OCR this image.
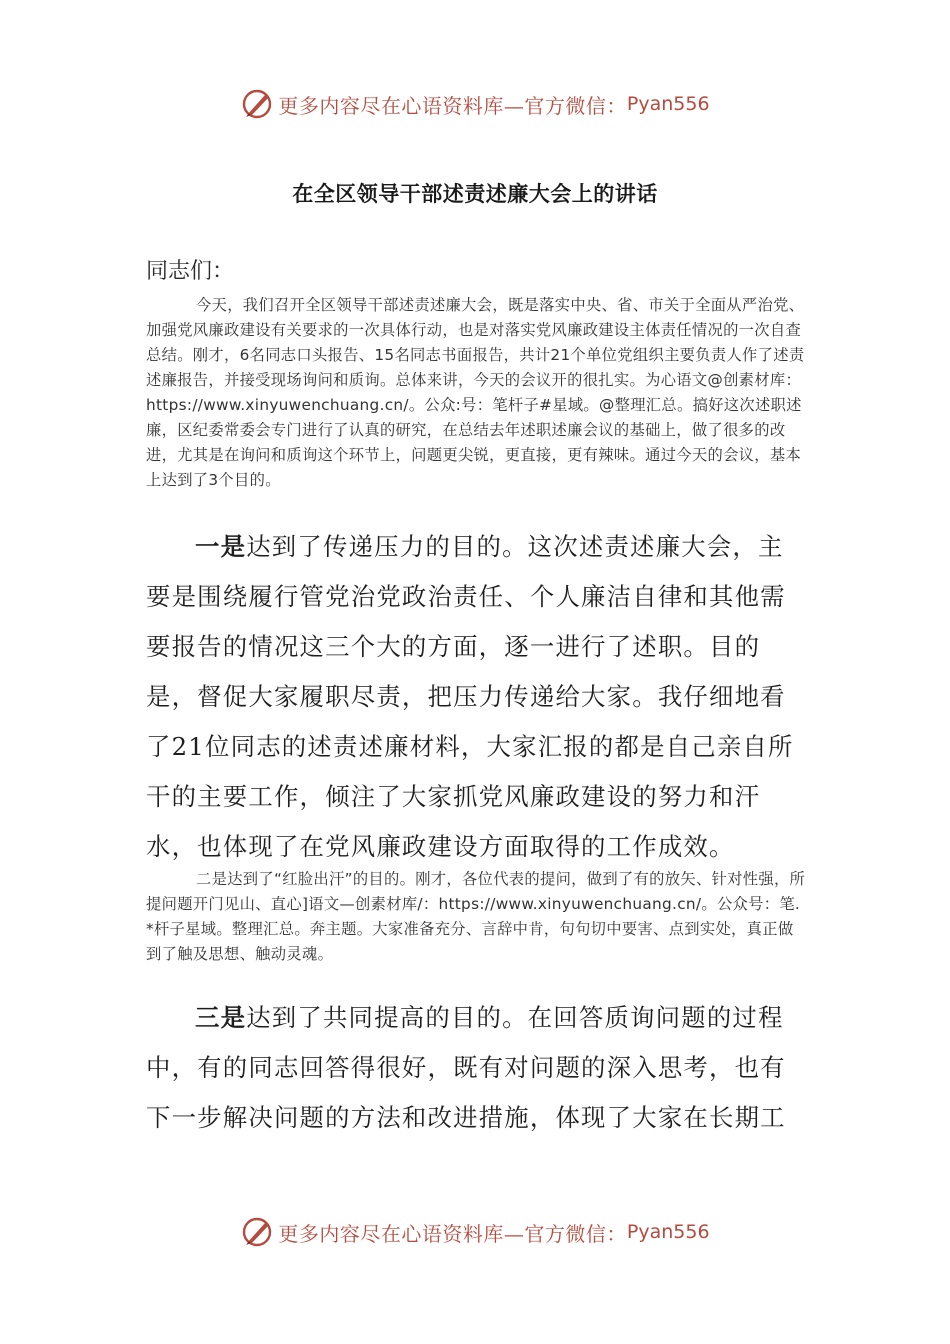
更多内容尽在心语资料库—官方微信： Pyan556
在全区领导干部述责述廉大会上的讲话
同志们：
今天，我们召开全区领导干部述责述廉大会，既是落实中央、省、市关于全面从严治党、加强党风廉政建设有关要求的一次具体行动，也是对落实党风廉政建设主体责任情况的一次自查总结。刚才，6名同志口头报告、15名同志书面报告，共计21个单位党组织主要负责人作了述责述廉报告，并接受现场询问和质询。总体来讲，今天的会议开的很扎实。为心语文@创素材库：https://www.xinyuwenchuang.cn/。公众:号：笔杆子#星域。@整理汇总。搞好这次述职述廉，区纪委常委会专门进行了认真的研究，在总结去年述职述廉会议的基础上，做了很多的改进，尤其是在询问和质询这个环节上，问题更尖锐，更直接，更有辣味。通过今天的会议，基本上达到了3个目的。
一是达到了传递压力的目的。这次述责述廉大会，主要是围绕履行管党治党政治责任、个人廉洁自律和其他需要报告的情况这三个大的方面，逐一进行了述职。目的是，督促大家履职尽责，把压力传递给大家。我仔细地看了21位同志的述责述廉材料，大家汇报的都是自己亲自所干的主要工作，倾注了大家抓党风廉政建设的努力和汗水，也体现了在党风廉政建设方面取得的工作成效。
二是达到了“红脸出汗”的目的。刚才，各位代表的提问，做到了有的放矢、针对性强，所提问题开门见山、直心]语文—创素材库/：https://www.xinyuwenchuang.cn/。公众号：笔.*杆子星域。整理汇总。奔主题。大家准备充分、言辞中肯，句句切中要害、点到实处，真正做到了触及思想、触动灵魂。
三是达到了共同提高的目的。在回答质询问题的过程中，有的同志回答得很好，既有对问题的深入思考，也有下一步解决问题的方法和改进措施，体现了大家在长期工
更多内容尽在心语资料库—官方微信： Pyan556
